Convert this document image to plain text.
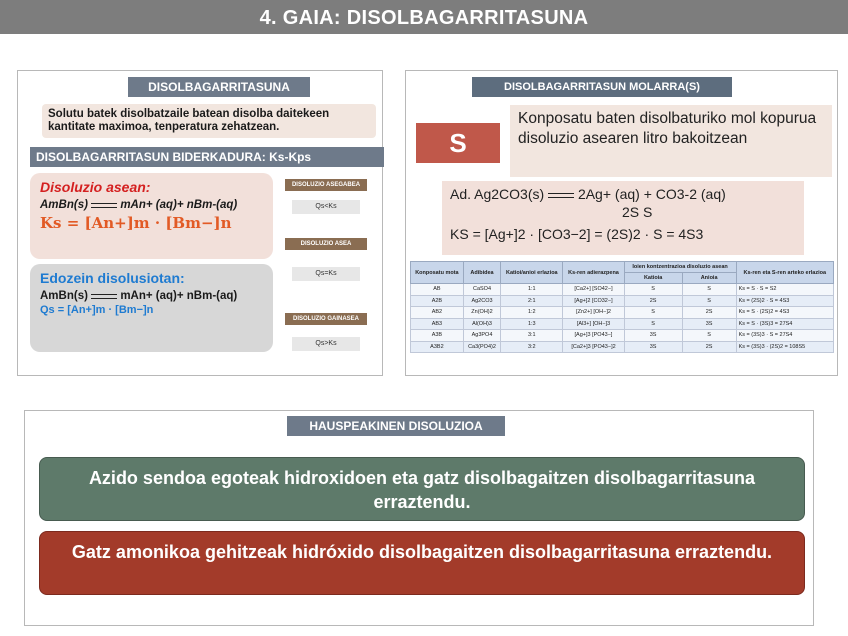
4. GAIA: DISOLBAGARRITASUNA
DISOLBAGARRITASUNA
Solutu batek disolbatzaile batean disolba daitekeen kantitate maximoa, tenperatura zehatzean.
DISOLBAGARRITASUN BIDERKADURA: Ks-Kps
Disoluzio asean:
AmBn(s)	mAn+ (aq)+ nBm-(aq)
Ks = [An+]m · [Bm−]n
Edozein disolusiotan:
AmBn(s)	mAn+ (aq)+ nBm-(aq)
Qs = [An+]m · [Bm−]n
DISOLUZIO ASEGABEA
Qs<Ks
DISOLUZIO ASEA
Qs=Ks
DISOLUZIO GAINASEA
Qs>Ks
DISOLBAGARRITASUN MOLARRA(S)
S
Konposatu baten disolbaturiko mol kopurua disoluzio asearen litro bakoitzean
Ad. Ag2CO3(s) 2Ag+ (aq) + CO3-2 (aq)
2S S
KS = [Ag+]2 · [CO3−2] = (2S)2 · S = 4S3
Konposatu mota	Adibidea	Katioi/anioi erlazioa	Ks-ren adierazpena	Ioien kontzentrazioa disoluzio asean		Ks-ren eta S-ren arteko erlazioa
				Katioia	Anioia	
AB	CaSO4	1:1	[Ca2+] [SO42−]	S	S	Ks = S · S = S2
A2B	Ag2CO3	2:1	[Ag+]2 [CO32−]	2S	S	Ks = (2S)2 · S = 4S3
AB2	Zn(OH)2	1:2	[Zn2+] [OH−]2	S	2S	Ks = S · (2S)2 = 4S3
AB3	Al(OH)3	1:3	[Al3+] [OH−]3	S	3S	Ks = S · (3S)3 = 27S4
A3B	Ag3PO4	3:1	[Ag+]3 [PO43−]	3S	S	Ks = (3S)3 · S = 27S4
A3B2	Ca3(PO4)2	3:2	[Ca2+]3 [PO43−]2	3S	2S	Ks = (3S)3 · (2S)2 = 108S5
HAUSPEAKINEN DISOLUZIOA
Azido sendoa egoteak hidroxidoen eta gatz disolbagaitzen disolbagarritasuna erraztendu.
Gatz amonikoa gehitzeak hidróxido disolbagaitzen disolbagarritasuna erraztendu.
